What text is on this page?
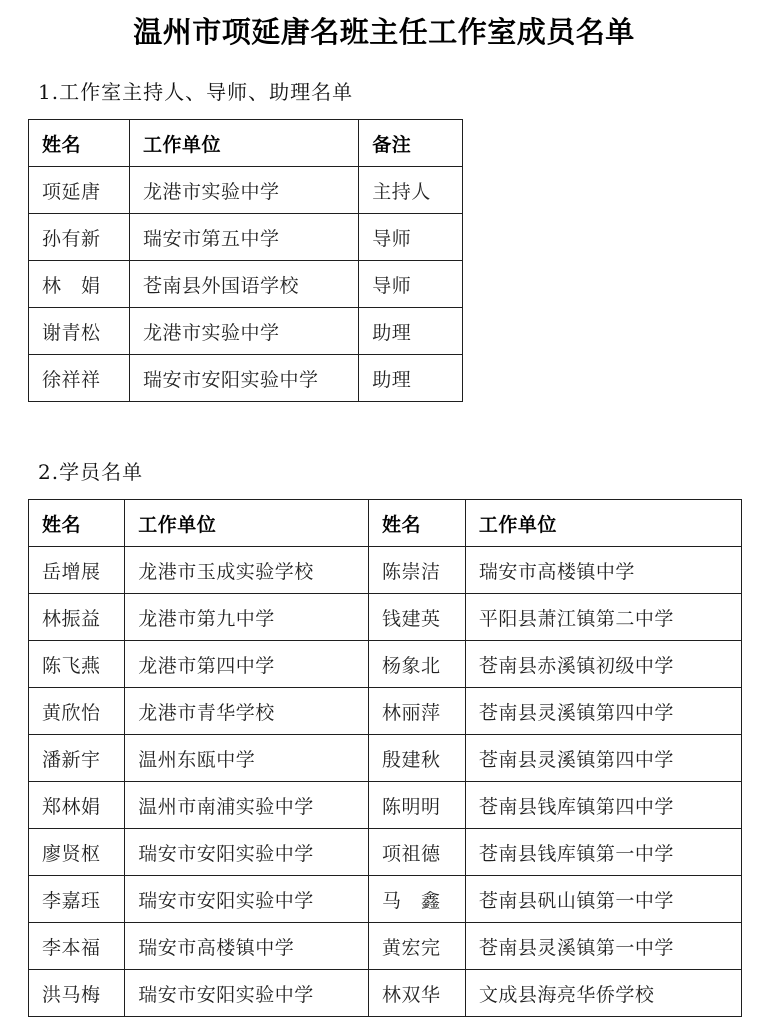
温州市项延唐名班主任工作室成员名单
1.工作室主持人、导师、助理名单
姓名	工作单位	备注
项延唐	龙港市实验中学	主持人
孙有新	瑞安市第五中学	导师
林　娟	苍南县外国语学校	导师
谢青松	龙港市实验中学	助理
徐祥祥	瑞安市安阳实验中学	助理
2.学员名单
姓名	工作单位	姓名	工作单位
岳增展	龙港市玉成实验学校	陈崇洁	瑞安市高楼镇中学
林振益	龙港市第九中学	钱建英	平阳县萧江镇第二中学
陈飞燕	龙港市第四中学	杨象北	苍南县赤溪镇初级中学
黄欣怡	龙港市青华学校	林丽萍	苍南县灵溪镇第四中学
潘新宇	温州东瓯中学	殷建秋	苍南县灵溪镇第四中学
郑林娟	温州市南浦实验中学	陈明明	苍南县钱库镇第四中学
廖贤枢	瑞安市安阳实验中学	项祖德	苍南县钱库镇第一中学
李嘉珏	瑞安市安阳实验中学	马　鑫	苍南县矾山镇第一中学
李本福	瑞安市高楼镇中学	黄宏完	苍南县灵溪镇第一中学
洪马梅	瑞安市安阳实验中学	林双华	文成县海亮华侨学校
